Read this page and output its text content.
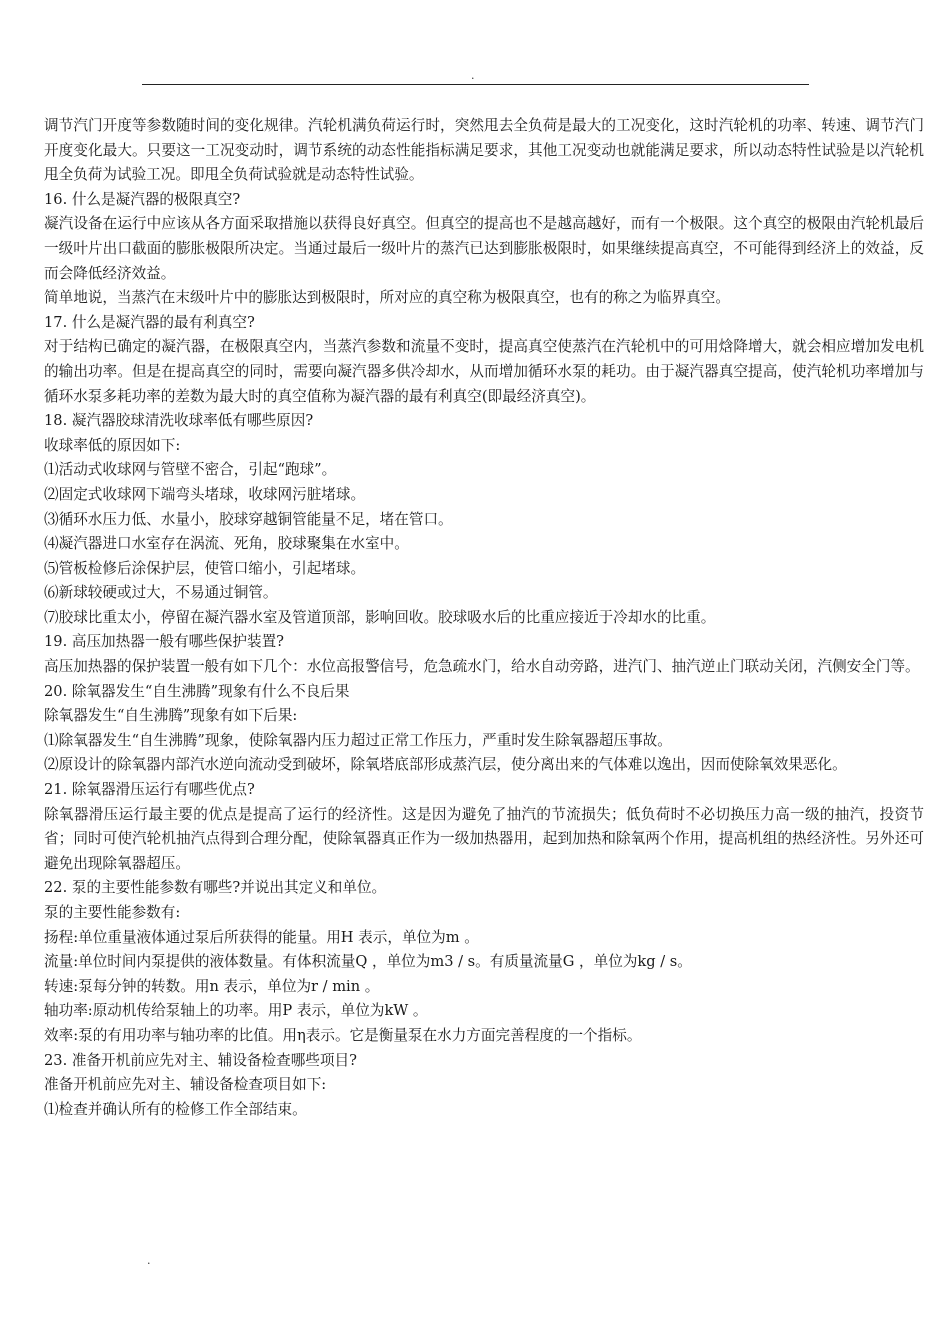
.
调节汽门开度等参数随时间的变化规律。汽轮机满负荷运行时，突然甩去全负荷是最大的工况变化，这时汽轮机的功率、转速、调节汽门开度变化最大。只要这一工况变动时，调节系统的动态性能指标满足要求，其他工况变动也就能满足要求，所以动态特性试验是以汽轮机甩全负荷为试验工况。即甩全负荷试验就是动态特性试验。
16. 什么是凝汽器的极限真空?
凝汽设备在运行中应该从各方面采取措施以获得良好真空。但真空的提高也不是越高越好，而有一个极限。这个真空的极限由汽轮机最后一级叶片出口截面的膨胀极限所决定。当通过最后一级叶片的蒸汽已达到膨胀极限时，如果继续提高真空，不可能得到经济上的效益，反而会降低经济效益。
简单地说，当蒸汽在末级叶片中的膨胀达到极限时，所对应的真空称为极限真空，也有的称之为临界真空。
17. 什么是凝汽器的最有利真空?
对于结构已确定的凝汽器，在极限真空内，当蒸汽参数和流量不变时，提高真空使蒸汽在汽轮机中的可用焓降增大，就会相应增加发电机的输出功率。但是在提高真空的同时，需要向凝汽器多供冷却水，从而增加循环水泵的耗功。由于凝汽器真空提高，使汽轮机功率增加与循环水泵多耗功率的差数为最大时的真空值称为凝汽器的最有利真空(即最经济真空)。
18. 凝汽器胶球清洗收球率低有哪些原因?
收球率低的原因如下:
⑴活动式收球网与管壁不密合，引起“跑球”。
⑵固定式收球网下端弯头堵球，收球网污脏堵球。
⑶循环水压力低、水量小，胶球穿越铜管能量不足，堵在管口。
⑷凝汽器进口水室存在涡流、死角，胶球聚集在水室中。
⑸管板检修后涂保护层，使管口缩小，引起堵球。
⑹新球较硬或过大，不易通过铜管。
⑺胶球比重太小，停留在凝汽器水室及管道顶部，影响回收。胶球吸水后的比重应接近于冷却水的比重。
19. 高压加热器一般有哪些保护装置?
高压加热器的保护装置一般有如下几个：水位高报警信号，危急疏水门，给水自动旁路，进汽门、抽汽逆止门联动关闭，汽侧安全门等。
20. 除氧器发生“自生沸腾”现象有什么不良后果
除氧器发生“自生沸腾”现象有如下后果:
⑴除氧器发生“自生沸腾”现象，使除氧器内压力超过正常工作压力，严重时发生除氧器超压事故。
⑵原设计的除氧器内部汽水逆向流动受到破坏，除氧塔底部形成蒸汽层，使分离出来的气体难以逸出，因而使除氧效果恶化。
21. 除氧器滑压运行有哪些优点?
除氧器滑压运行最主要的优点是提高了运行的经济性。这是因为避免了抽汽的节流损失；低负荷时不必切换压力高一级的抽汽，投资节省；同时可使汽轮机抽汽点得到合理分配，使除氧器真正作为一级加热器用，起到加热和除氧两个作用，提高机组的热经济性。另外还可避免出现除氧器超压。
22. 泵的主要性能参数有哪些?并说出其定义和单位。
泵的主要性能参数有:
扬程:单位重量液体通过泵后所获得的能量。用H 表示，单位为m 。
流量:单位时间内泵提供的液体数量。有体积流量Q ，单位为m3 / s。有质量流量G ，单位为kg / s。
转速:泵每分钟的转数。用n 表示，单位为r / min 。
轴功率:原动机传给泵轴上的功率。用P 表示，单位为kW 。
效率:泵的有用功率与轴功率的比值。用η表示。它是衡量泵在水力方面完善程度的一个指标。
23. 准备开机前应先对主、辅设备检查哪些项目?
准备开机前应先对主、辅设备检查项目如下:
⑴检查并确认所有的检修工作全部结束。
.
